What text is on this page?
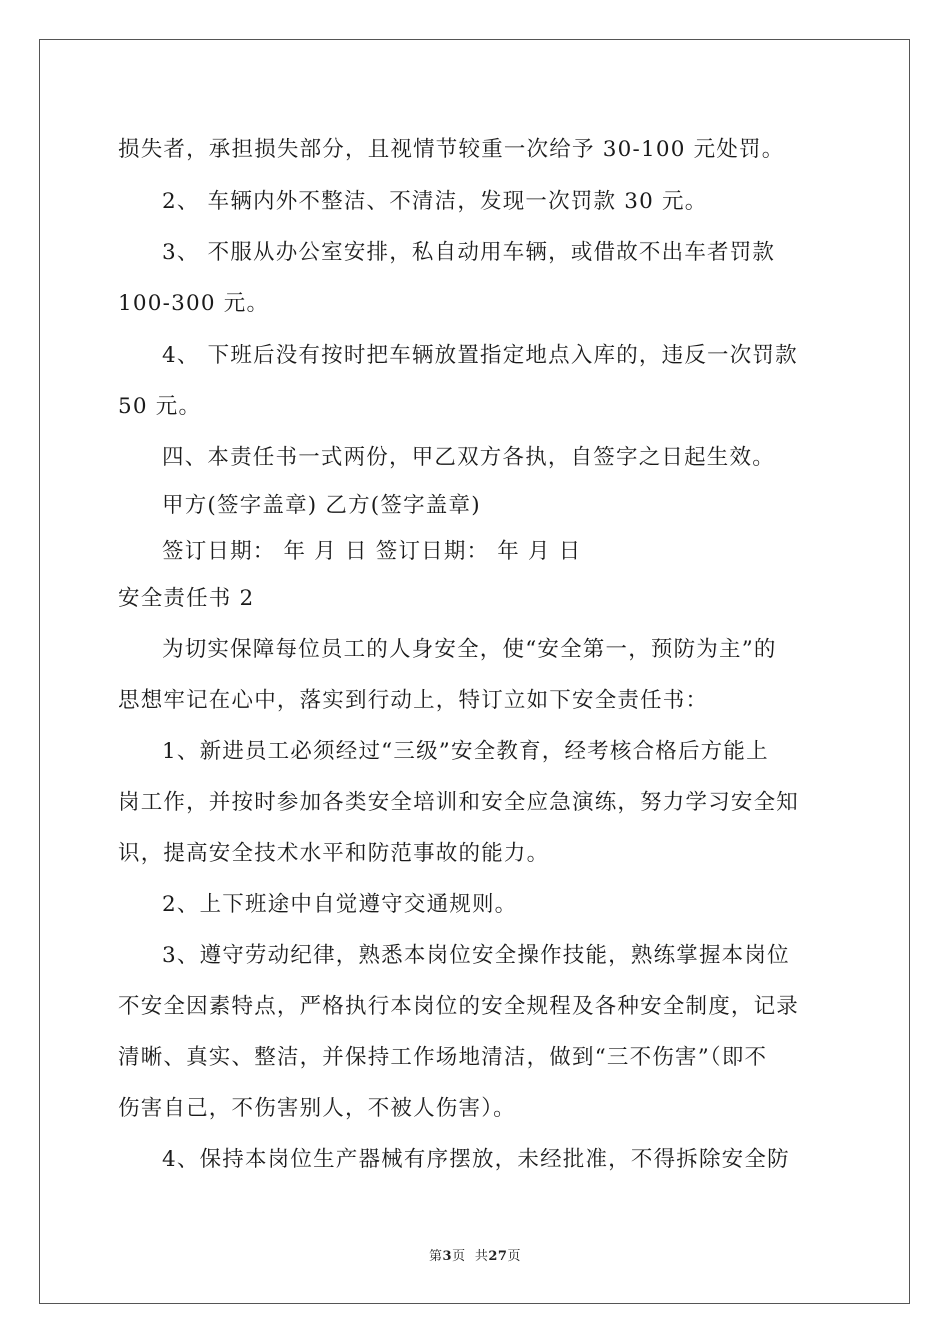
损失者，承担损失部分，且视情节较重一次给予 30-100 元处罚。
2、 车辆内外不整洁、不清洁，发现一次罚款 30 元。
3、 不服从办公室安排，私自动用车辆，或借故不出车者罚款
100-300 元。
4、 下班后没有按时把车辆放置指定地点入库的，违反一次罚款
50 元。
四、本责任书一式两份，甲乙双方各执，自签字之日起生效。
甲方(签字盖章) 乙方(签字盖章)
签订日期： 年 月 日 签订日期： 年 月 日
安全责任书 2
为切实保障每位员工的人身安全，使“安全第一，预防为主”的
思想牢记在心中，落实到行动上，特订立如下安全责任书：
1、新进员工必须经过“三级”安全教育，经考核合格后方能上
岗工作，并按时参加各类安全培训和安全应急演练，努力学习安全知
识，提高安全技术水平和防范事故的能力。
2、上下班途中自觉遵守交通规则。
3、遵守劳动纪律，熟悉本岗位安全操作技能，熟练掌握本岗位
不安全因素特点，严格执行本岗位的安全规程及各种安全制度，记录
清晰、真实、整洁，并保持工作场地清洁，做到“三不伤害”（即不
伤害自己，不伤害别人，不被人伤害）。
4、保持本岗位生产器械有序摆放，未经批准，不得拆除安全防
第3页  共27页
